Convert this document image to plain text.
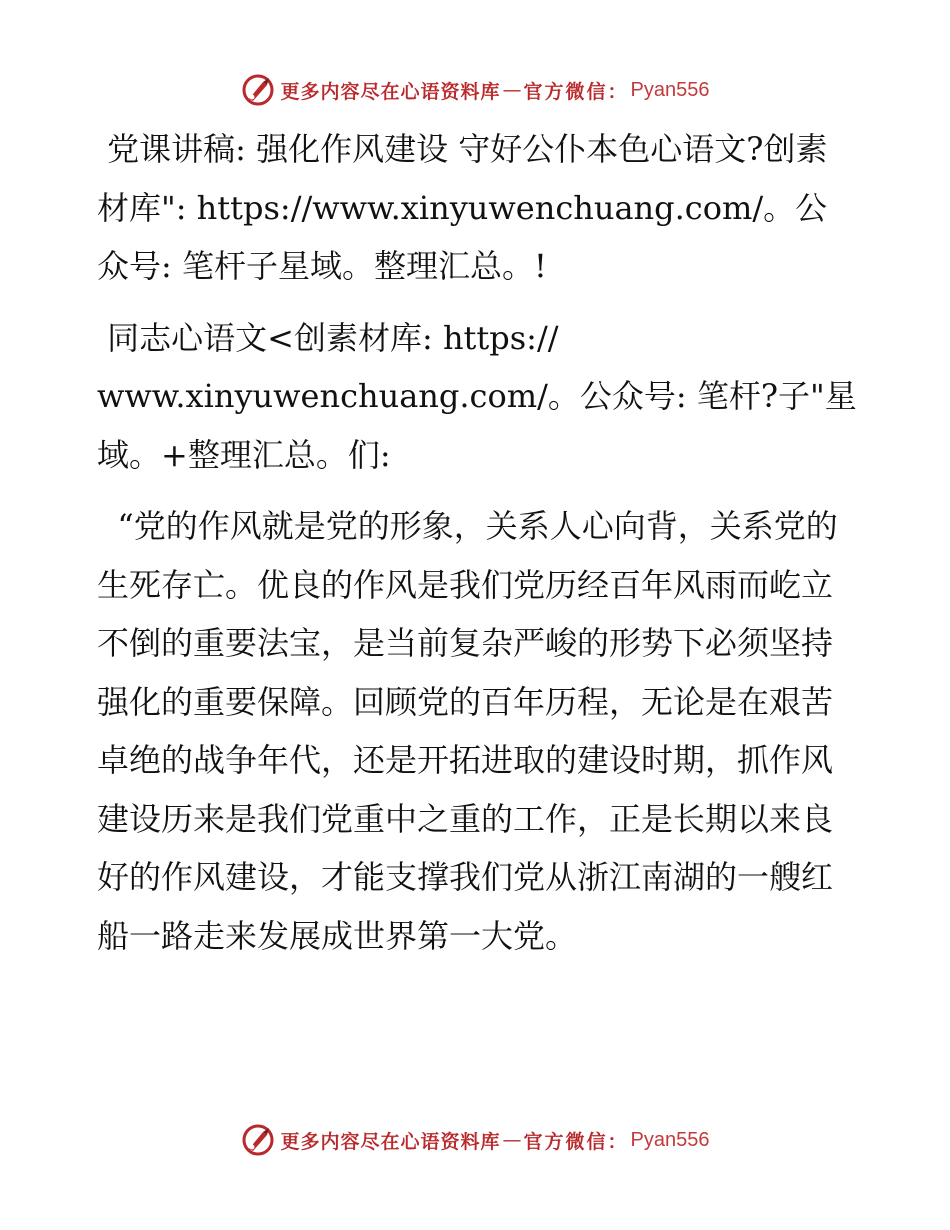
更多内容尽在心语资料库 — 官方微信： Pyan556

党课讲稿: 强化作风建设 守好公仆本色心语文?创素材库": https://www.xinyuwenchuang.com/。公众号: 笔杆子星域。整理汇总。!

同志心语文<创素材库: https://
www.xinyuwenchuang.com/。公众号: 笔杆?子"星域。+整理汇总。们:

“党的作风就是党的形象，关系人心向背，关系党的生死存亡。优良的作风是我们党历经百年风雨而屹立不倒的重要法宝，是当前复杂严峻的形势下必须坚持强化的重要保障。回顾党的百年历程，无论是在艰苦卓绝的战争年代，还是开拓进取的建设时期，抓作风建设历来是我们党重中之重的工作，正是长期以来良好的作风建设，才能支撑我们党从浙江南湖的一艘红船一路走来发展成世界第一大党。

更多内容尽在心语资料库 — 官方微信： Pyan556
